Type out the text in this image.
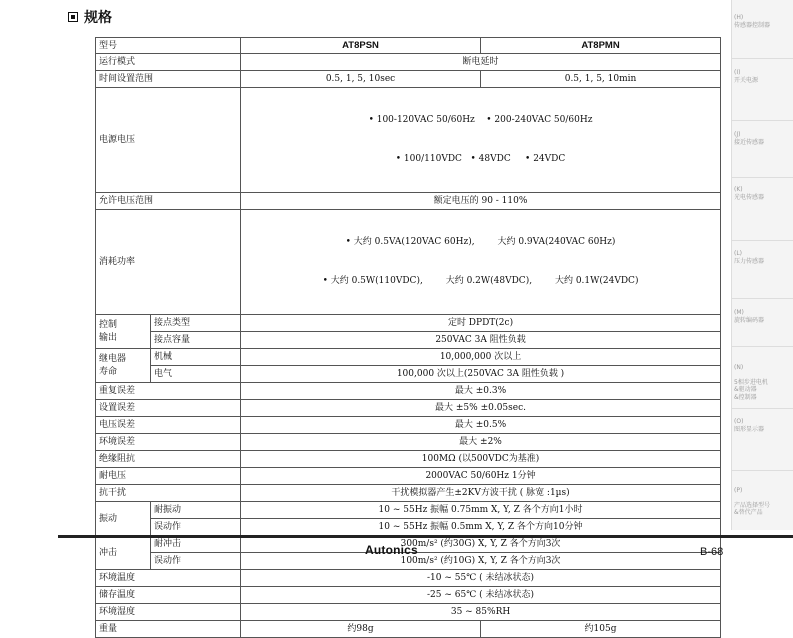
规格
型号		AT8PSN	AT8PMN
运行模式		断电延时	
时间设置范围		0.5, 1, 5, 10sec	0.5, 1, 5, 10min
电源电压		• 100-120VAC 50/60Hz    • 200-240VAC 50/60Hz

• 100/110VDC   • 48VDC     • 24VDC	

允许电压范围		额定电压的 90 - 110%	
消耗功率		• 大约 0.5VA(120VAC 60Hz),        大约 0.9VA(240VAC 60Hz)

• 大约 0.5W(110VDC),        大约 0.2W(48VDC),        大约 0.1W(24VDC)	

控制
输出	接点类型	定时 DPDT(2c)	
	接点容量	250VAC 3A 阻性负载	
继电器
寿命	机械	10,000,000 次以上	
	电气	100,000 次以上(250VAC 3A 阻性负载 )	
重复误差		最大 ±0.3%	
设置误差		最大 ±5% ±0.05sec.	
电压误差		最大 ±0.5%	
环境误差		最大 ±2%	
绝缘阻抗		100MΩ (以500VDC为基准)	
耐电压		2000VAC 50/60Hz 1分钟	
抗干扰		干扰模拟器产生±2KV方波干扰 ( 脉宽 :1µs)	
振动	耐振动	10 ~ 55Hz 振幅 0.75mm X, Y, Z 各个方向1小时	
	误动作	10 ~ 55Hz 振幅 0.5mm X, Y, Z 各个方向10分钟	
冲击	耐冲击	300m/s² (约30G) X, Y, Z 各个方向3次	
	误动作	100m/s² (约10G) X, Y, Z 各个方向3次	
环境温度		-10 ~ 55℃ ( 未结冰状态)	
储存温度		-25 ~ 65℃ ( 未结冰状态)	
环境湿度		35 ~ 85%RH	
重量		约98g	约105g
(H)
传感器控制器
(I)
开关电源
(J)
接近传感器
(K)
光电传感器
(L)
压力传感器
(M)
旋转编码器

(N)

5相步进电机
&驱动器
&控制器

(O)
图形显示器

(P)

产品选择型号
&替代产品

Autonics	B-68
